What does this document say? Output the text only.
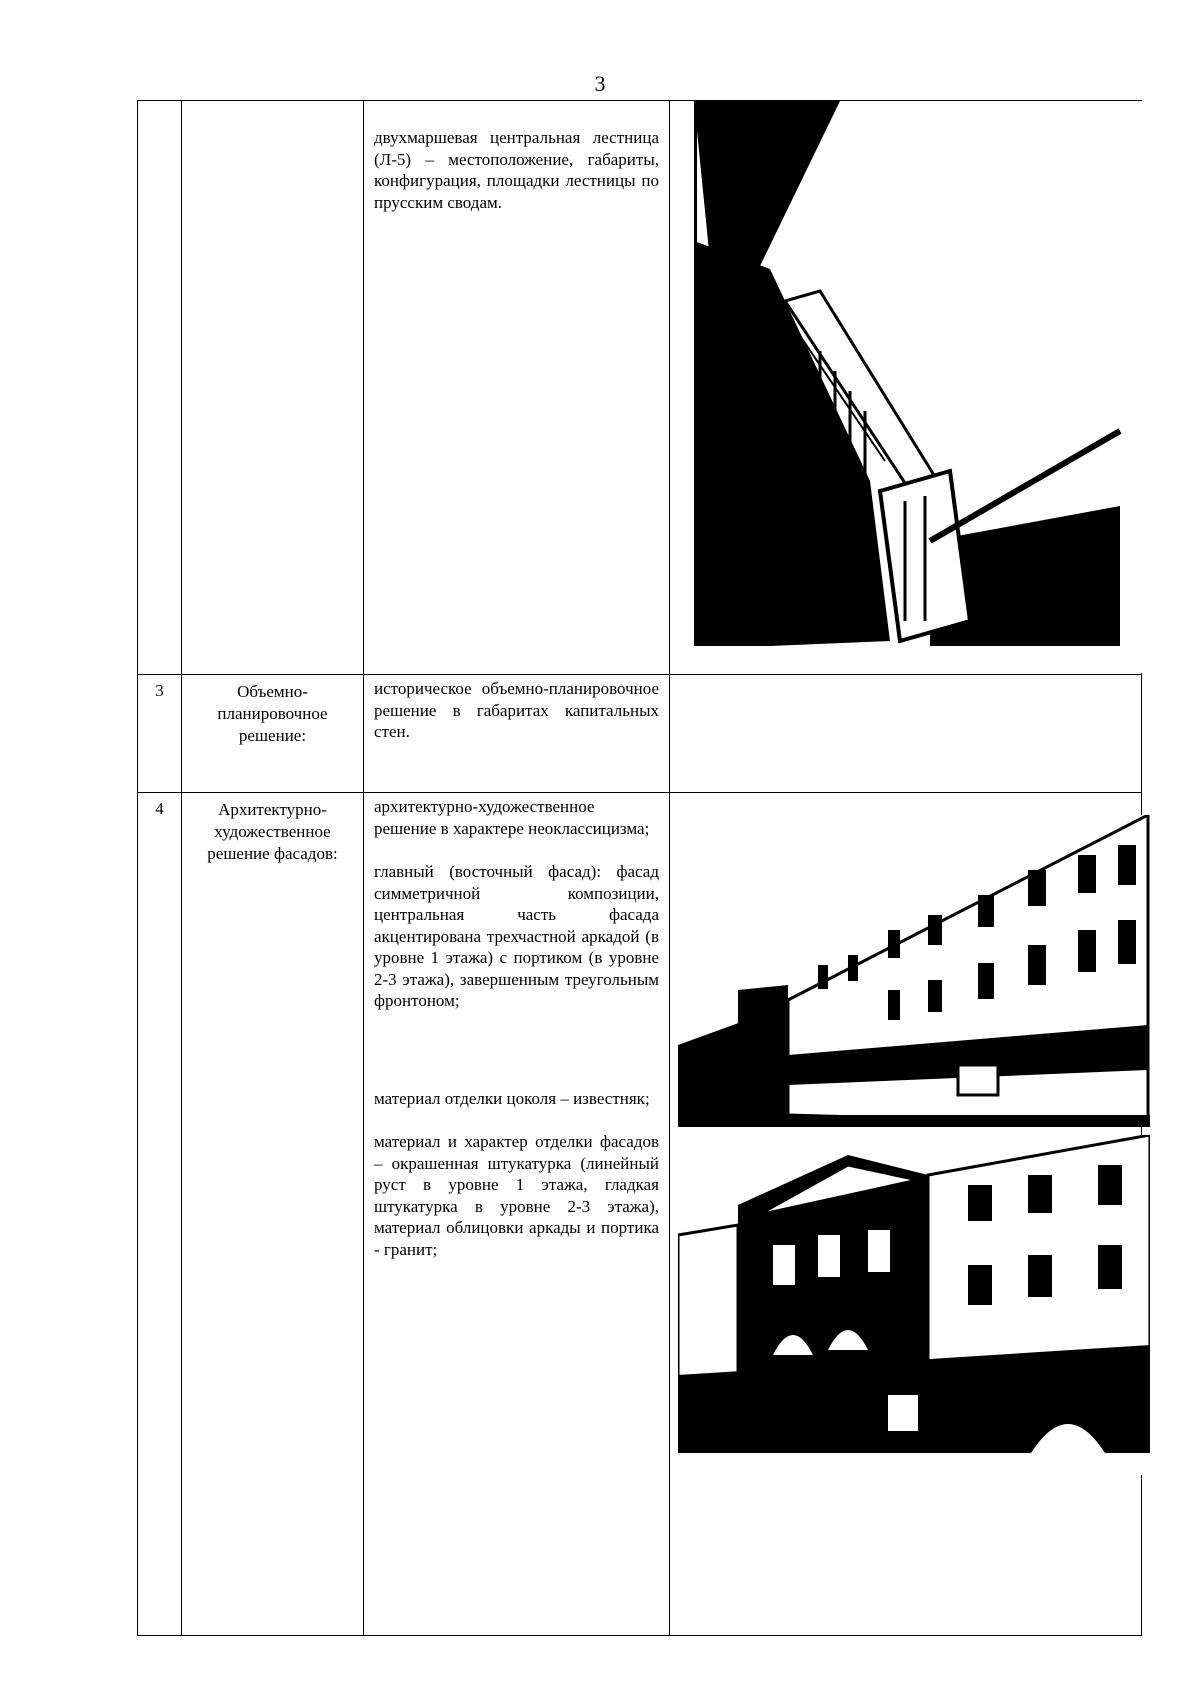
3

		двухмаршевая центральная лестница (Л-5) – местоположение, габариты, конфигурация, площадки лестницы по прусским сводам.

3	Объемно-планировочное решение:	историческое объемно-планировочное решение в габаритах капитальных стен.	

4	Архитектурно-художественное решение фасадов:	архитектурно-художественное решение в характере неоклассицизма;

главный (восточный фасад): фасад симметричной композиции, центральная часть фасада акцентирована трехчастной аркадой (в уровне 1 этажа) с портиком (в уровне 2-3 этажа), завершенным треугольным фронтоном;

материал отделки цоколя – известняк;

материал и характер отделки фасадов – окрашенная штукатурка (линейный руст в уровне 1 этажа, гладкая штукатурка в уровне 2-3 этажа), материал облицовки аркады и портика - гранит;
